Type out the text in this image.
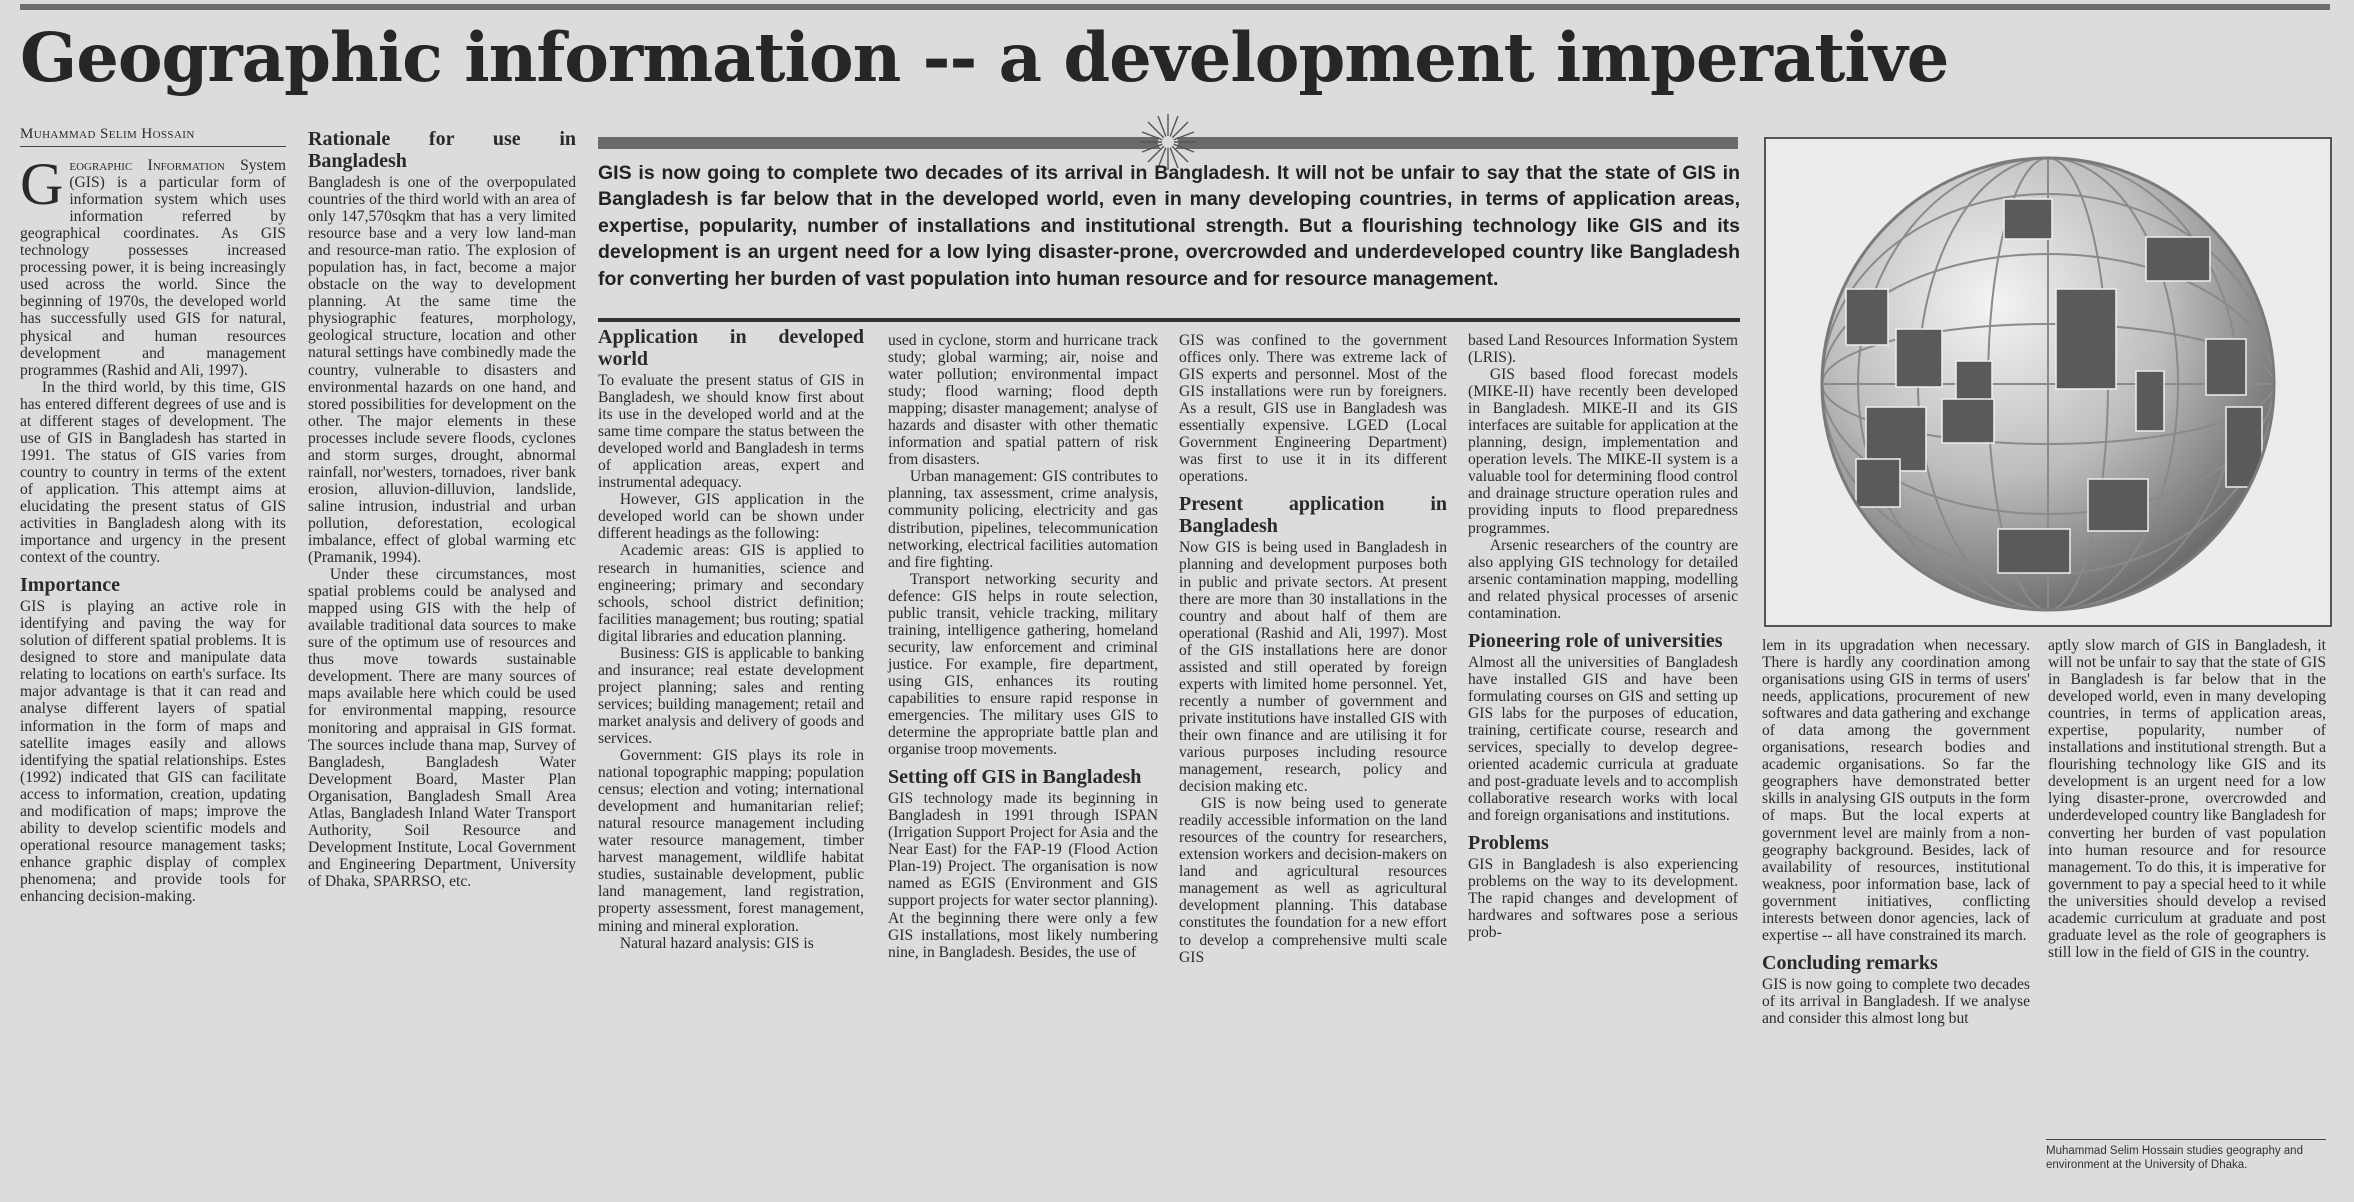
Geographic information -- a development imperative
Muhammad Selim Hossain

Geographic Information System (GIS) is a particular form of information system which uses information referred by geographical coordinates. As GIS technology possesses increased processing power, it is being increasingly used across the world. Since the beginning of 1970s, the developed world has successfully used GIS for natural, physical and human resources development and management programmes (Rashid and Ali, 1997).

In the third world, by this time, GIS has entered different degrees of use and is at different stages of development. The use of GIS in Bangladesh has started in 1991. The status of GIS varies from country to country in terms of the extent of application. This attempt aims at elucidating the present status of GIS activities in Bangladesh along with its importance and urgency in the present context of the country.

Importance

GIS is playing an active role in identifying and paving the way for solution of different spatial problems. It is designed to store and manipulate data relating to locations on earth's surface. Its major advantage is that it can read and analyse different layers of spatial information in the form of maps and satellite images easily and allows identifying the spatial relationships. Estes (1992) indicated that GIS can facilitate access to information, creation, updating and modification of maps; improve the ability to develop scientific models and operational resource management tasks; enhance graphic display of complex phenomena; and provide tools for enhancing decision-making.

Rationale for use in Bangladesh

Bangladesh is one of the overpopulated countries of the third world with an area of only 147,570sqkm that has a very limited resource base and a very low land-man and resource-man ratio. The explosion of population has, in fact, become a major obstacle on the way to development planning. At the same time the physiographic features, morphology, geological structure, location and other natural settings have combinedly made the country, vulnerable to disasters and environmental hazards on one hand, and stored possibilities for development on the other. The major elements in these processes include severe floods, cyclones and storm surges, drought, abnormal rainfall, nor'westers, tornadoes, river bank erosion, alluvion-dilluvion, landslide, saline intrusion, industrial and urban pollution, deforestation, ecological imbalance, effect of global warming etc (Pramanik, 1994).

Under these circumstances, most spatial problems could be analysed and mapped using GIS with the help of available traditional data sources to make sure of the optimum use of resources and thus move towards sustainable development. There are many sources of maps available here which could be used for environmental mapping, resource monitoring and appraisal in GIS format. The sources include thana map, Survey of Bangladesh, Bangladesh Water Development Board, Master Plan Organisation, Bangladesh Small Area Atlas, Bangladesh Inland Water Transport Authority, Soil Resource and Development Institute, Local Government and Engineering Department, University of Dhaka, SPARRSO, etc.

GIS is now going to complete two decades of its arrival in Bangladesh. It will not be unfair to say that the state of GIS in Bangladesh is far below that in the developed world, even in many developing countries, in terms of application areas, expertise, popularity, number of installations and institutional strength. But a flourishing technology like GIS and its development is an urgent need for a low lying disaster-prone, overcrowded and underdeveloped country like Bangladesh for converting her burden of vast population into human resource and for resource management.
Application in developed world

To evaluate the present status of GIS in Bangladesh, we should know first about its use in the developed world and at the same time compare the status between the developed world and Bangladesh in terms of application areas, expert and instrumental adequacy.

However, GIS application in the developed world can be shown under different headings as the following:

Academic areas: GIS is applied to research in humanities, science and engineering; primary and secondary schools, school district definition; facilities management; bus routing; spatial digital libraries and education planning.

Business: GIS is applicable to banking and insurance; real estate development project planning; sales and renting services; building management; retail and market analysis and delivery of goods and services.

Government: GIS plays its role in national topographic mapping; population census; election and voting; international development and humanitarian relief; natural resource management including water resource management, timber harvest management, wildlife habitat studies, sustainable development, public land management, land registration, property assessment, forest management, mining and mineral exploration.

Natural hazard analysis: GIS is

used in cyclone, storm and hurricane track study; global warming; air, noise and water pollution; environmental impact study; flood warning; flood depth mapping; disaster management; analyse of hazards and disaster with other thematic information and spatial pattern of risk from disasters.

Urban management: GIS contributes to planning, tax assessment, crime analysis, community policing, electricity and gas distribution, pipelines, telecommunication networking, electrical facilities automation and fire fighting.

Transport networking security and defence: GIS helps in route selection, public transit, vehicle tracking, military training, intelligence gathering, homeland security, law enforcement and criminal justice. For example, fire department, using GIS, enhances its routing capabilities to ensure rapid response in emergencies. The military uses GIS to determine the appropriate battle plan and organise troop movements.

Setting off GIS in Bangladesh

GIS technology made its beginning in Bangladesh in 1991 through ISPAN (Irrigation Support Project for Asia and the Near East) for the FAP-19 (Flood Action Plan-19) Project. The organisation is now named as EGIS (Environment and GIS support projects for water sector planning). At the beginning there were only a few GIS installations, most likely numbering nine, in Bangladesh. Besides, the use of

GIS was confined to the government offices only. There was extreme lack of GIS experts and personnel. Most of the GIS installations were run by foreigners. As a result, GIS use in Bangladesh was essentially expensive. LGED (Local Government Engineering Department) was first to use it in its different operations.

Present application in Bangladesh

Now GIS is being used in Bangladesh in planning and development purposes both in public and private sectors. At present there are more than 30 installations in the country and about half of them are operational (Rashid and Ali, 1997). Most of the GIS installations here are donor assisted and still operated by foreign experts with limited home personnel. Yet, recently a number of government and private institutions have installed GIS with their own finance and are utilising it for various purposes including resource management, research, policy and decision making etc.

GIS is now being used to generate readily accessible information on the land resources of the country for researchers, extension workers and decision-makers on land and agricultural resources management as well as agricultural development planning. This database constitutes the foundation for a new effort to develop a comprehensive multi scale GIS

based Land Resources Information System (LRIS).

GIS based flood forecast models (MIKE-II) have recently been developed in Bangladesh. MIKE-II and its GIS interfaces are suitable for application at the planning, design, implementation and operation levels. The MIKE-II system is a valuable tool for determining flood control and drainage structure operation rules and providing inputs to flood preparedness programmes.

Arsenic researchers of the country are also applying GIS technology for detailed arsenic contamination mapping, modelling and related physical processes of arsenic contamination.

Pioneering role of universities

Almost all the universities of Bangladesh have installed GIS and have been formulating courses on GIS and setting up GIS labs for the purposes of education, training, certificate course, research and services, specially to develop degree-oriented academic curricula at graduate and post-graduate levels and to accomplish collaborative research works with local and foreign organisations and institutions.

Problems

GIS in Bangladesh is also experiencing problems on the way to its development. The rapid changes and development of hardwares and softwares pose a serious prob-

lem in its upgradation when necessary. There is hardly any coordination among organisations using GIS in terms of users' needs, applications, procurement of new softwares and data gathering and exchange of data among the government organisations, research bodies and academic organisations. So far the geographers have demonstrated better skills in analysing GIS outputs in the form of maps. But the local experts at government level are mainly from a non-geography background. Besides, lack of availability of resources, institutional weakness, poor information base, lack of government initiatives, conflicting interests between donor agencies, lack of expertise -- all have constrained its march.

Concluding remarks

GIS is now going to complete two decades of its arrival in Bangladesh. If we analyse and consider this almost long but

aptly slow march of GIS in Bangladesh, it will not be unfair to say that the state of GIS in Bangladesh is far below that in the developed world, even in many developing countries, in terms of application areas, expertise, popularity, number of installations and institutional strength. But a flourishing technology like GIS and its development is an urgent need for a low lying disaster-prone, overcrowded and underdeveloped country like Bangladesh for converting her burden of vast population into human resource and for resource management. To do this, it is imperative for government to pay a special heed to it while the universities should develop a revised academic curriculum at graduate and post graduate level as the role of geographers is still low in the field of GIS in the country.

Muhammad Selim Hossain studies geography and environment at the University of Dhaka.
